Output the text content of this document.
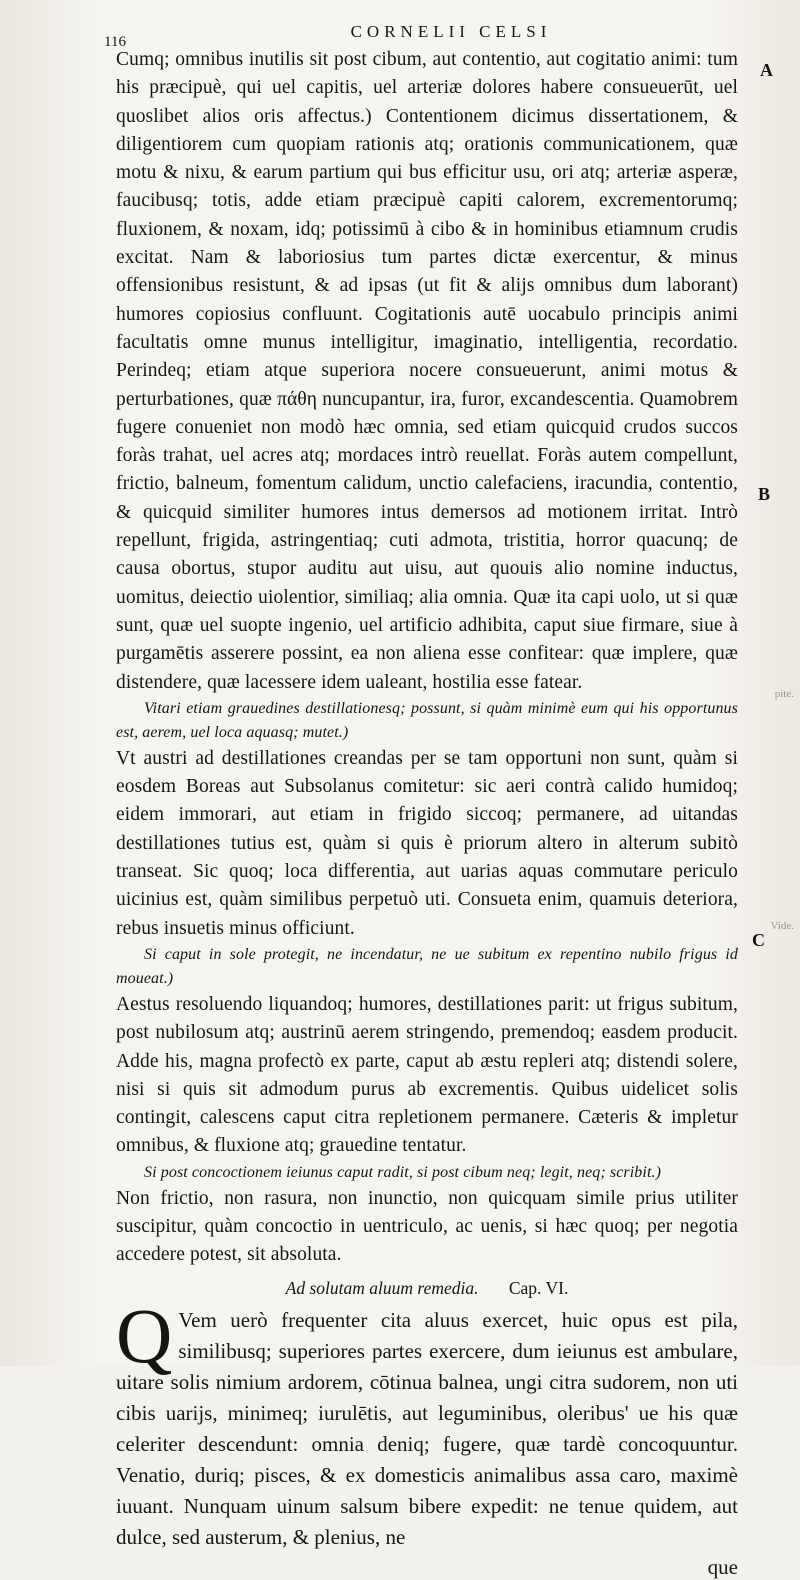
116
CORNELII CELSI

Cumq; omnibus inutilis sit post cibum, aut contentio, aut cogitatio animi: tum his præcipuè, qui uel capitis, uel arteriæ dolores habere consueuerūt, uel quoslibet alios oris affectus.) Contentionem dicimus dissertationem, & diligentiorem cum quopiam rationis atq; orationis communicationem, quæ motu & nixu, & earum partium qui bus efficitur usu, ori atq; arteriæ asperæ, faucibusq; totis, adde etiam præcipuè capiti calorem, excrementorumq; fluxionem, & noxam, idq; potissimū à cibo & in hominibus etiamnum crudis excitat. Nam & laboriosius tum partes dictæ exercentur, & minus offensionibus resistunt, & ad ipsas (ut fit & alijs omnibus dum laborant) humores copiosius confluunt. Cogitationis autē uocabulo principis animi facultatis omne munus intelligitur, imaginatio, intelligentia, recordatio. Perindeq; etiam atque superiora nocere consueuerunt, animi motus & perturbationes, quæ πάθη nuncupantur, ira, furor, excandescentia. Quamobrem fugere conueniet non modò hæc omnia, sed etiam quicquid crudos succos foràs trahat, uel acres atq; mordaces intrò reuellat. Foràs autem compellunt, frictio, balneum, fomentum calidum, unctio calefaciens, iracundia, contentio, & quicquid similiter humores intus demersos ad motionem irritat. Intrò repellunt, frigida, astringentiaq; cuti admota, tristitia, horror quacunq; de causa obortus, stupor auditu aut uisu, aut quouis alio nomine inductus, uomitus, deiectio uiolentior, similiaq; alia omnia. Quæ ita capi uolo, ut si quæ sunt, quæ uel suopte ingenio, uel artificio adhibita, caput siue firmare, siue à purgamētis asserere possint, ea non aliena esse confitear: quæ implere, quæ distendere, quæ lacessere idem ualeant, hostilia esse fatear.

Vitari etiam grauedines destillationesq; possunt, si quàm minimè eum qui his opportunus est, aerem, uel loca aquasq; mutet.)

Vt austri ad destillationes creandas per se tam opportuni non sunt, quàm si eosdem Boreas aut Subsolanus comitetur: sic aeri contrà calido humidoq; eidem immorari, aut etiam in frigido siccoq; permanere, ad uitandas destillationes tutius est, quàm si quis è priorum altero in alterum subitò transeat. Sic quoq; loca differentia, aut uarias aquas commutare periculo uicinius est, quàm similibus perpetuò uti. Consueta enim, quamuis deteriora, rebus insuetis minus officiunt.

Si caput in sole protegit, ne incendatur, ne ue subitum ex repentino nubilo frigus id moueat.)

Aestus resoluendo liquandoq; humores, destillationes parit: ut frigus subitum, post nubilosum atq; austrinū aerem stringendo, premendoq; easdem producit. Adde his, magna profectò ex parte, caput ab æstu repleri atq; distendi solere, nisi si quis sit admodum purus ab excrementis. Quibus uidelicet solis contingit, calescens caput citra repletionem permanere. Cæteris & impletur omnibus, & fluxione atq; grauedine tentatur.

Si post concoctionem ieiunus caput radit, si post cibum neq; legit, neq; scribit.)

Non frictio, non rasura, non inunctio, non quicquam simile prius utiliter suscipitur, quàm concoctio in uentriculo, ac uenis, si hæc quoq; per negotia accedere potest, sit absoluta.

Ad solutam aluum remedia. Cap. VI.
Q Vem uerò frequenter cita aluus exercet, huic opus est pila, similibusq; superiores partes exercere, dum ieiunus est ambulare, uitare solis nimium ardorem, cōtinua balnea, ungi citra sudorem, non uti cibis uarijs, minimeq; iurulētis, aut leguminibus, oleribus' ue his quæ celeriter descendunt: omnia deniq; fugere, quæ tardè concoquuntur. Venatio, duriq; pisces, & ex domesticis animalibus assa caro, maximè iuuant. Nunquam uinum salsum bibere expedit: ne tenue quidem, aut dulce, sed austerum, & plenius, ne
que
A
B
C
pite.
Vide.
